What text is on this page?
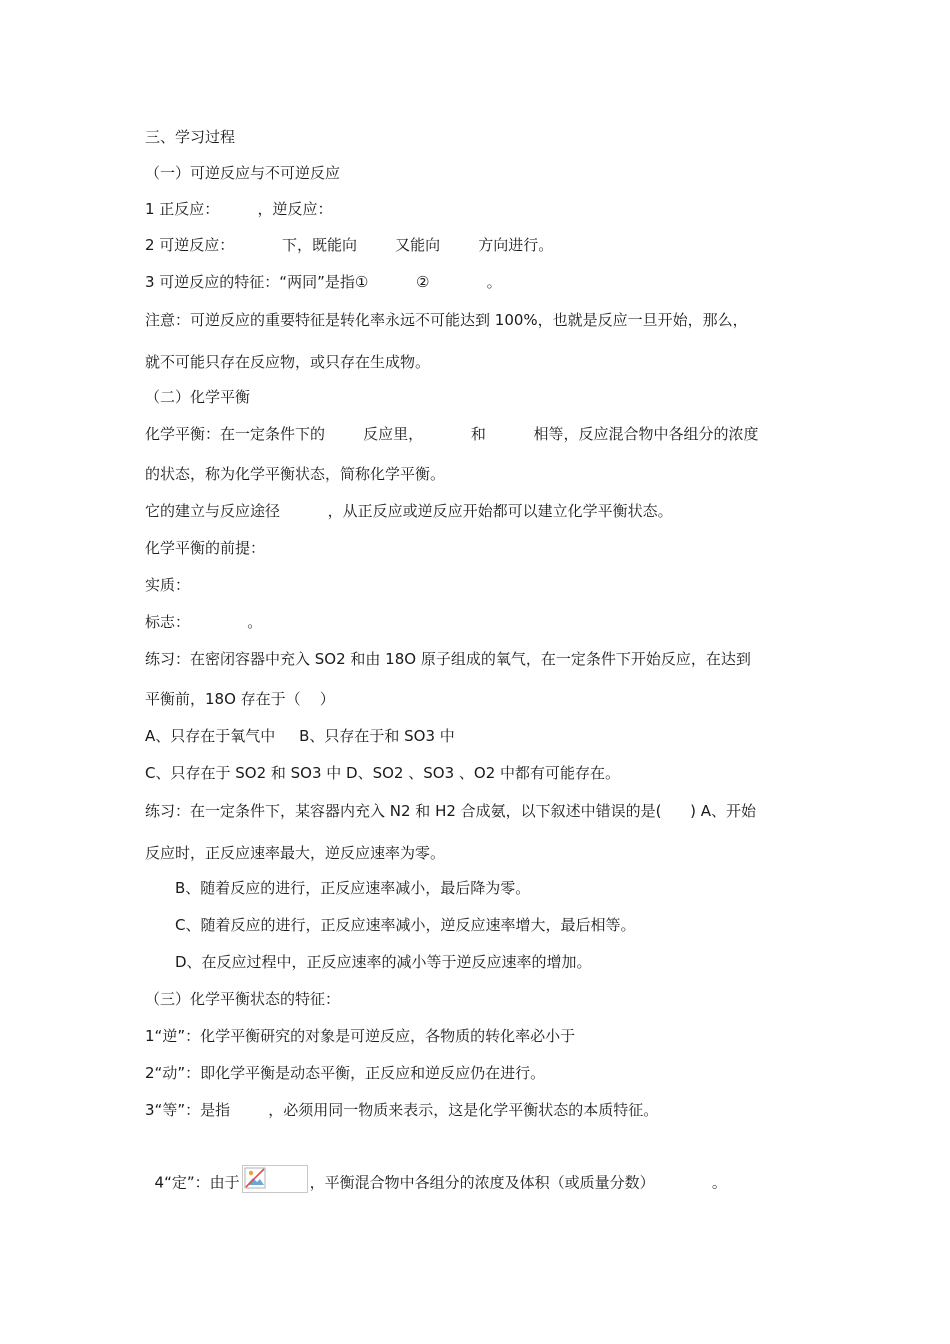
三、学习过程
（一）可逆反应与不可逆反应
1 正反应：        ，逆反应：
2 可逆反应：          下，既能向        又能向        方向进行。
3 可逆反应的特征：“两同”是指①          ②            。
注意：可逆反应的重要特征是转化率永远不可能达到 100%，也就是反应一旦开始，那么，
就不可能只存在反应物，或只存在生成物。
（二）化学平衡
化学平衡：在一定条件下的        反应里，          和          相等，反应混合物中各组分的浓度
的状态，称为化学平衡状态，简称化学平衡。
它的建立与反应途径          ，从正反应或逆反应开始都可以建立化学平衡状态。
化学平衡的前提：
实质：
标志：            。
练习：在密闭容器中充入 SO2 和由 18O 原子组成的氧气，在一定条件下开始反应，在达到
平衡前，18O 存在于（    ）
A、只存在于氧气中     B、只存在于和 SO3 中
C、只存在于 SO2 和 SO3 中 D、SO2 、SO3 、O2 中都有可能存在。
练习：在一定条件下，某容器内充入 N2 和 H2 合成氨，以下叙述中错误的是(      ) A、开始
反应时，正反应速率最大，逆反应速率为零。
B、随着反应的进行，正反应速率减小，最后降为零。
C、随着反应的进行，正反应速率减小，逆反应速率增大，最后相等。
D、在反应过程中，正反应速率的减小等于逆反应速率的增加。
（三）化学平衡状态的特征：
1“逆”：化学平衡研究的对象是可逆反应，各物质的转化率必小于
2“动”：即化学平衡是动态平衡，正反应和逆反应仍在进行。
3“等”：是指        ，必须用同一物质来表示，这是化学平衡状态的本质特征。

4“定”：由于	，平衡混合物中各组分的浓度及体积（或质量分数）            。
